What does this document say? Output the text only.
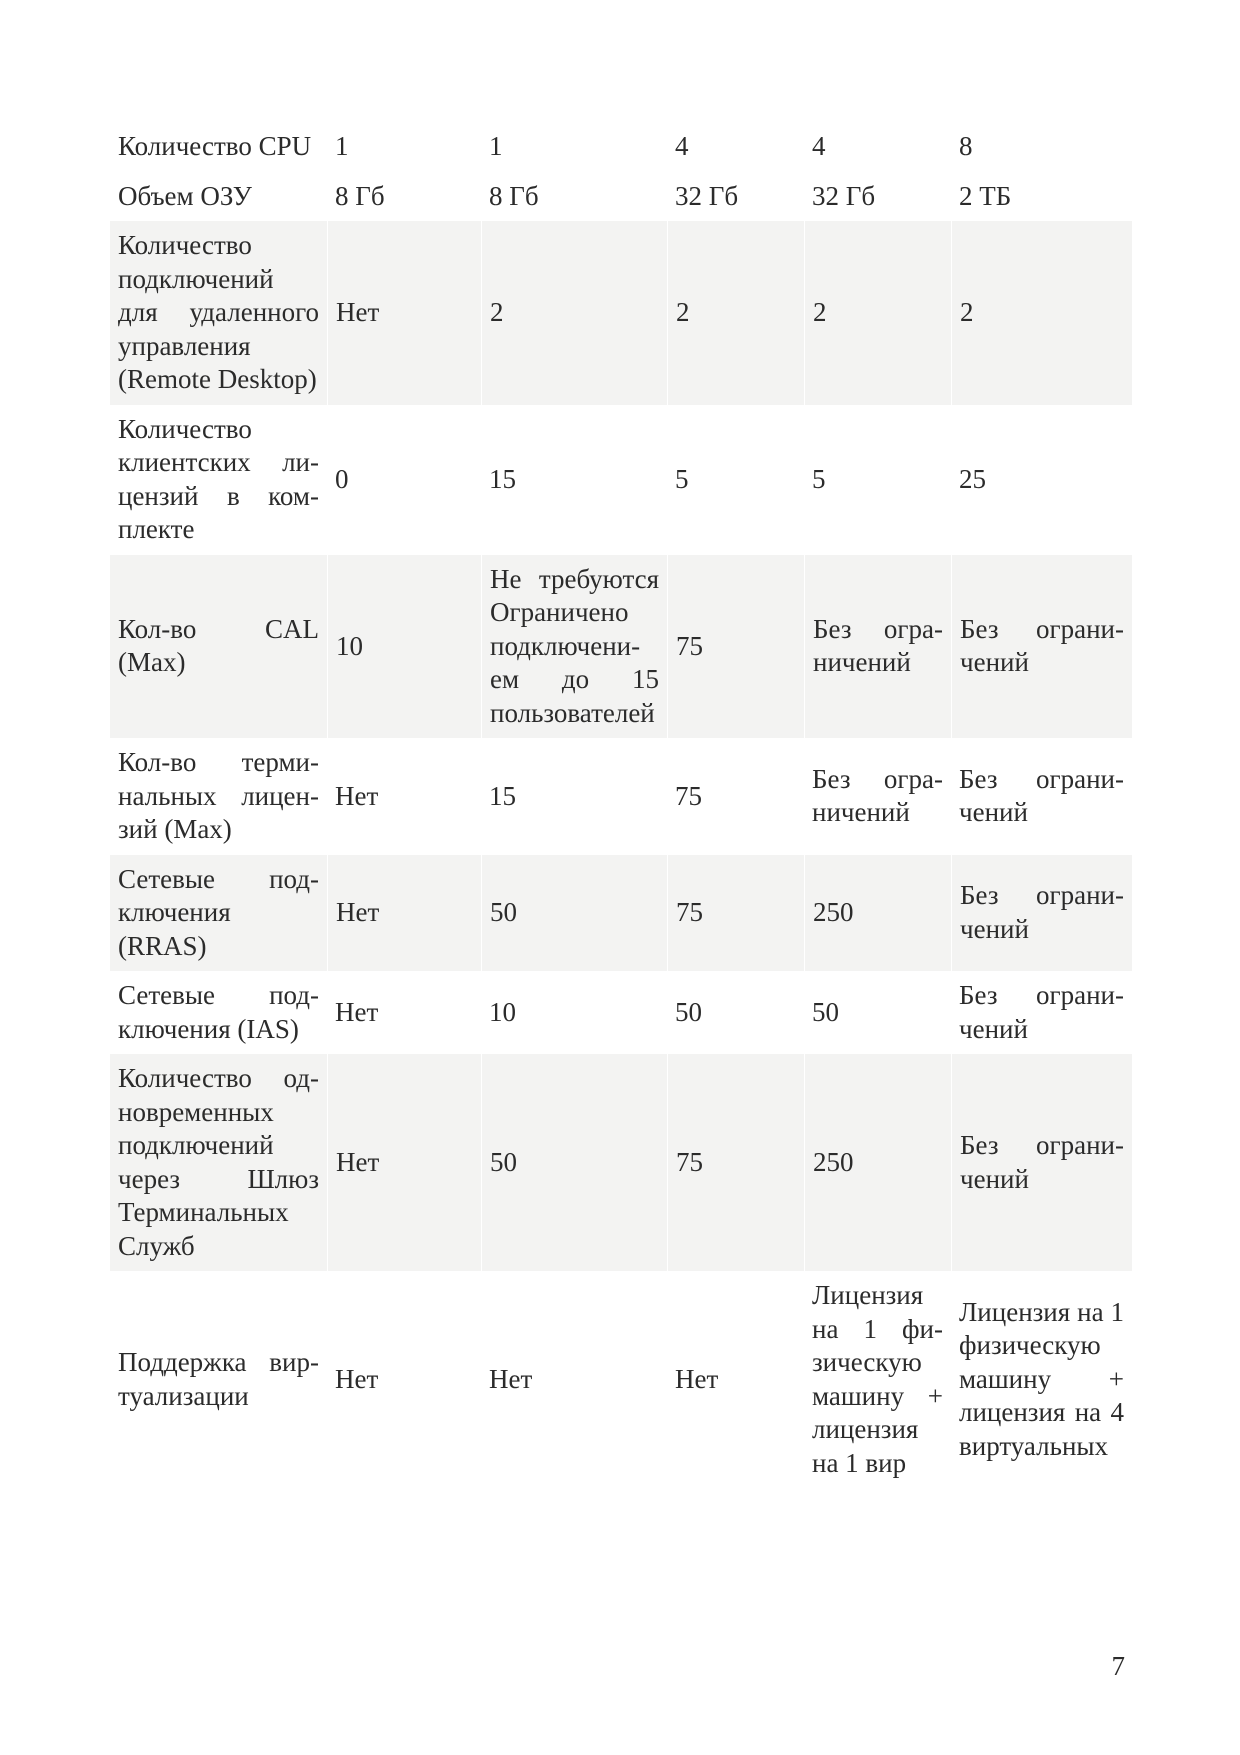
Количество CPU	1	1	4	4	8
Объем ОЗУ	8 Гб	8 Гб	32 Гб	32 Гб	2 ТБ
Количество подключений для удаленного управления (Remote Desktop)	Нет	2	2	2	2
Количество клиентских лицензий в комплекте	0	15	5	5	25
Кол-во CAL (Max)	10	Не требуются Ограничено подключением до 15 пользователей	75	Без ограничений	Без ограничений
Кол-во терминальных лицензий (Max)	Нет	15	75	Без ограничений	Без ограничений
Сетевые подключения (RRAS)	Нет	50	75	250	Без ограничений
Сетевые подключения (IAS)	Нет	10	50	50	Без ограничений
Количество одновременных подключений через Шлюз Терминальных Служб	Нет	50	75	250	Без ограничений
Поддержка виртуализации	Нет	Нет	Нет	Лицензия на 1 физическую машину + лицензия на 1 вир	Лицензия на 1 физическую машину + лицензия на 4 виртуальных
7
